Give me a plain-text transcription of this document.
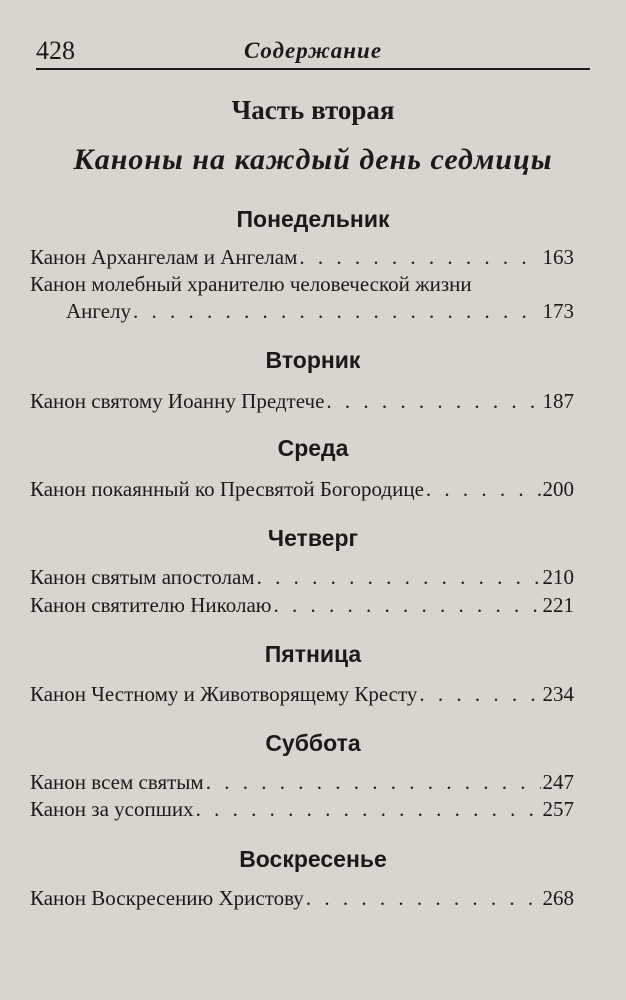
428	Содержание
Часть вторая
Каноны на каждый день седмицы
Понедельник
Канон Архангелам и Ангелам . . .	163
Канон молебный хранителю человеческой жизни
Ангелу . . .	173
Вторник
Канон святому Иоанну Предтече . . .	187
Среда
Канон покаянный ко Пресвятой Богородице . . .	200
Четверг
Канон святым апостолам . . .	210
Канон святителю Николаю . . .	221
Пятница
Канон Честному и Животворящему Кресту . . .	234
Суббота
Канон всем святым . . .	247
Канон за усопших . . .	257
Воскресенье
Канон Воскресению Христову . . .	268
